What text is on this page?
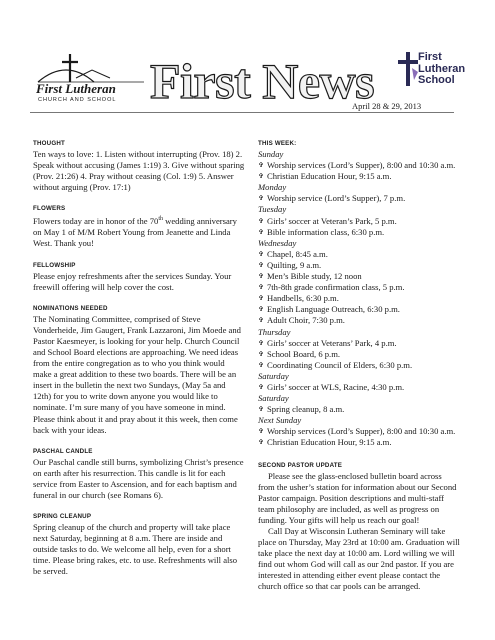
First Lutheran
CHURCH AND SCHOOL First News	First
Lutheran
School
April 28 & 29, 2013
THOUGHT
Ten ways to love: 1. Listen without interrupting (Prov. 18) 2. Speak without accusing (James 1:19) 3. Give without sparing (Prov. 21:26) 4. Pray without ceasing (Col. 1:9) 5. Answer without arguing (Prov. 17:1)
FLOWERS
Flowers today are in honor of the 70th wedding anniversary on May 1 of M/M Robert Young from Jeanette and Linda West. Thank you!
FELLOWSHIP
Please enjoy refreshments after the services Sunday. Your freewill offering will help cover the cost.
NOMINATIONS NEEDED
The Nominating Committee, comprised of Steve Vonderheide, Jim Gaugert, Frank Lazzaroni, Jim Moede and Pastor Kaesmeyer, is looking for your help. Church Council and School Board elections are approaching. We need ideas from the entire congregation as to who you think would make a great addition to these two boards. There will be an insert in the bulletin the next two Sundays, (May 5a and 12th) for you to write down anyone you would like to nominate. I’m sure many of you have someone in mind. Please think about it and pray about it this week, then come back with your ideas.
PASCHAL CANDLE
Our Paschal candle still burns, symbolizing Christ’s presence on earth after his resurrection. This candle is lit for each service from Easter to Ascension, and for each baptism and funeral in our church (see Romans 6).
SPRING CLEANUP
Spring cleanup of the church and property will take place next Saturday, beginning at 8 a.m. There are inside and outside tasks to do. We welcome all help, even for a short time. Please bring rakes, etc. to use. Refreshments will also be served.
THIS WEEK:
Sunday
✞ Worship services (Lord’s Supper), 8:00 and 10:30 a.m.
✞ Christian Education Hour, 9:15 a.m.
Monday
✞ Worship service (Lord’s Supper), 7 p.m.
Tuesday
✞ Girls’ soccer at Veteran’s Park, 5 p.m.
✞ Bible information class, 6:30 p.m.
Wednesday
✞ Chapel, 8:45 a.m.
✞ Quilting, 9 a.m.
✞ Men’s Bible study, 12 noon
✞ 7th-8th grade confirmation class, 5 p.m.
✞ Handbells, 6:30 p.m.
✞ English Language Outreach, 6:30 p.m.
✞ Adult Choir, 7:30 p.m.
Thursday
✞ Girls’ soccer at Veterans’ Park, 4 p.m.
✞ School Board, 6 p.m.
✞ Coordinating Council of Elders, 6:30 p.m.
Saturday
✞ Girls’ soccer at WLS, Racine, 4:30 p.m.
Saturday
✞ Spring cleanup, 8 a.m.
Next Sunday
✞ Worship services (Lord’s Supper), 8:00 and 10:30 a.m.
✞ Christian Education Hour, 9:15 a.m.
SECOND PASTOR UPDATE
Please see the glass-enclosed bulletin board across from the usher’s station for information about our Second Pastor campaign. Position descriptions and multi-staff team philosophy are included, as well as progress on funding. Your gifts will help us reach our goal!
Call Day at Wisconsin Lutheran Seminary will take place on Thursday, May 23rd at 10:00 am. Graduation will take place the next day at 10:00 am. Lord willing we will find out whom God will call as our 2nd pastor. If you are interested in attending either event please contact the church office so that car pools can be arranged.
